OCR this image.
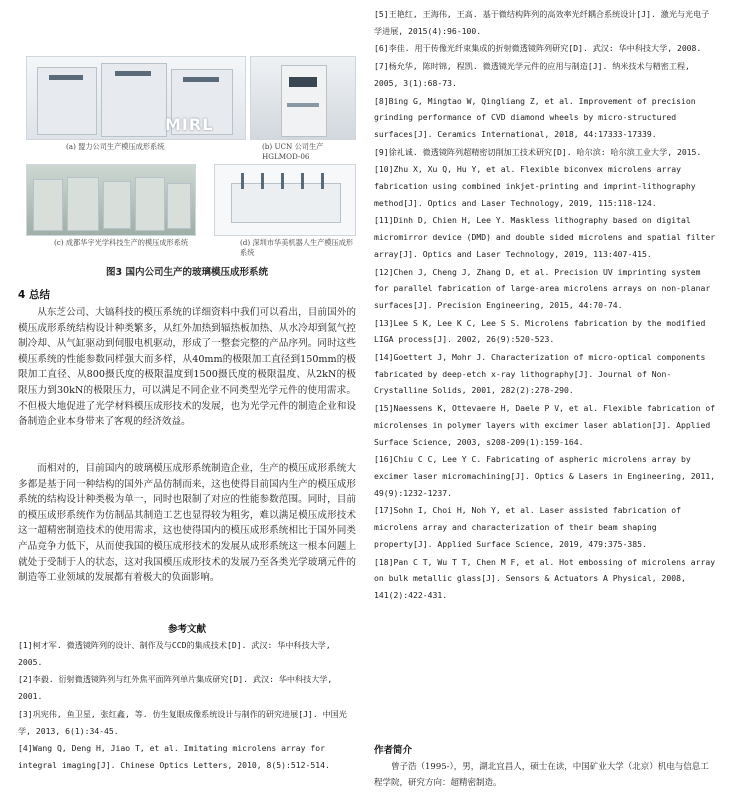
MIRL
(a) 盟力公司生产模压成形系统	(b) UCN 公司生产 HGLMOD-06
(c) 成都华宇光学科技生产的模压成形系统	(d) 深圳市华美机器人生产模压成形系统
图3 国内公司生产的玻璃模压成形系统
4 总结

从东芝公司、大镐科技的模压系统的详细资料中我们可以看出，目前国外的模压成形系统结构设计种类繁多，从红外加热到辐热板加热、从水冷却到氮气控制冷却、从气缸驱动到伺服电机驱动，形成了一整套完整的产品序列。同时这些模压系统的性能参数同样强大而多样，从40mm的极限加工直径到150mm的极限加工直径、从800摄氏度的极限温度到1500摄氏度的极限温度、从2kN的极限压力到30kN的极限压力，可以满足不同企业不同类型光学元件的使用需求。不但极大地促进了光学材料模压成形技术的发展，也为光学元件的制造企业和设备制造企业本身带来了客观的经济效益。

而相对的，目前国内的玻璃模压成形系统制造企业，生产的模压成形系统大多都是基于同一种结构的国外产品仿制而来，这也使得目前国内生产的模压成形系统的结构设计种类极为单一，同时也限制了对应的性能参数范围。同时，目前的模压成形系统作为仿制品其制造工艺也显得较为粗劣，难以满足模压成形技术这一超精密制造技术的使用需求，这也使得国内的模压成形系统相比于国外同类产品竞争力低下，从而使我国的模压成形技术的发展从成形系统这一根本问题上就处于受制于人的状态，这对我国模压成形技术的发展乃至各类光学玻璃元件的制造等工业领域的发展都有着极大的负面影响。

参考文献

[1]柯才军. 微透镜阵列的设计、制作及与CCD的集成技术[D]. 武汉: 华中科技大学, 2005.

[2]李毅. 衍射微透镜阵列与红外焦平面阵列单片集成研究[D]. 武汉: 华中科技大学, 2001.

[3]巩宪伟, 鱼卫星, 张红鑫, 等. 仿生复眼成像系统设计与制作的研究进展[J]. 中国光学, 2013, 6(1):34-45.

[4]Wang Q, Deng H, Jiao T, et al. Imitating microlens array for integral imaging[J]. Chinese Optics Letters, 2010, 8(5):512-514.

[5]王艳红, 王海伟, 王高. 基于微结构阵列的高效率光纤耦合系统设计[J]. 激光与光电子学进展, 2015(4):96-100.

[6]李佳. 用于传像光纤束集成的折射微透镜阵列研究[D]. 武汉: 华中科技大学, 2008.

[7]杨允华, 陈时锦, 程凯. 微透镜光学元件的应用与制造[J]. 纳米技术与精密工程, 2005, 3(1):68-73.

[8]Bing G, Mingtao W, Qingliang Z, et al. Improvement of precision grinding performance of CVD diamond wheels by micro-structured surfaces[J]. Ceramics International, 2018, 44:17333-17339.

[9]徐礼诚. 微透镜阵列超精密切削加工技术研究[D]. 哈尔滨: 哈尔滨工业大学, 2015.

[10]Zhu X, Xu Q, Hu Y, et al. Flexible biconvex microlens array fabrication using combined inkjet-printing and imprint-lithography method[J]. Optics and Laser Technology, 2019, 115:118-124.

[11]Dinh D, Chien H, Lee Y. Maskless lithography based on digital micromirror device (DMD) and double sided microlens and spatial filter array[J]. Optics and Laser Technology, 2019, 113:407-415.

[12]Chen J, Cheng J, Zhang D, et al. Precision UV imprinting system for parallel fabrication of large-area microlens arrays on non-planar surfaces[J]. Precision Engineering, 2015, 44:70-74.

[13]Lee S K, Lee K C, Lee S S. Microlens fabrication by the modified LIGA process[J]. 2002, 26(9):520-523.

[14]Goettert J, Mohr J. Characterization of micro-optical components fabricated by deep-etch x-ray lithography[J]. Journal of Non-Crystalline Solids, 2001, 282(2):278-290.

[15]Naessens K, Ottevaere H, Daele P V, et al. Flexible fabrication of microlenses in polymer layers with excimer laser ablation[J]. Applied Surface Science, 2003, s208-209(1):159-164.

[16]Chiu C C, Lee Y C. Fabricating of aspheric microlens array by excimer laser micromachining[J]. Optics & Lasers in Engineering, 2011, 49(9):1232-1237.

[17]Sohn I, Choi H, Noh Y, et al. Laser assisted fabrication of microlens array and characterization of their beam shaping property[J]. Applied Surface Science, 2019, 479:375-385.

[18]Pan C T, Wu T T, Chen M F, et al. Hot embossing of microlens array on bulk metallic glass[J]. Sensors & Actuators A Physical, 2008, 141(2):422-431.

作者简介

曾子浩（1995-），男，湖北宜昌人，硕士在读，中国矿业大学（北京）机电与信息工程学院，研究方向：超精密制造。
